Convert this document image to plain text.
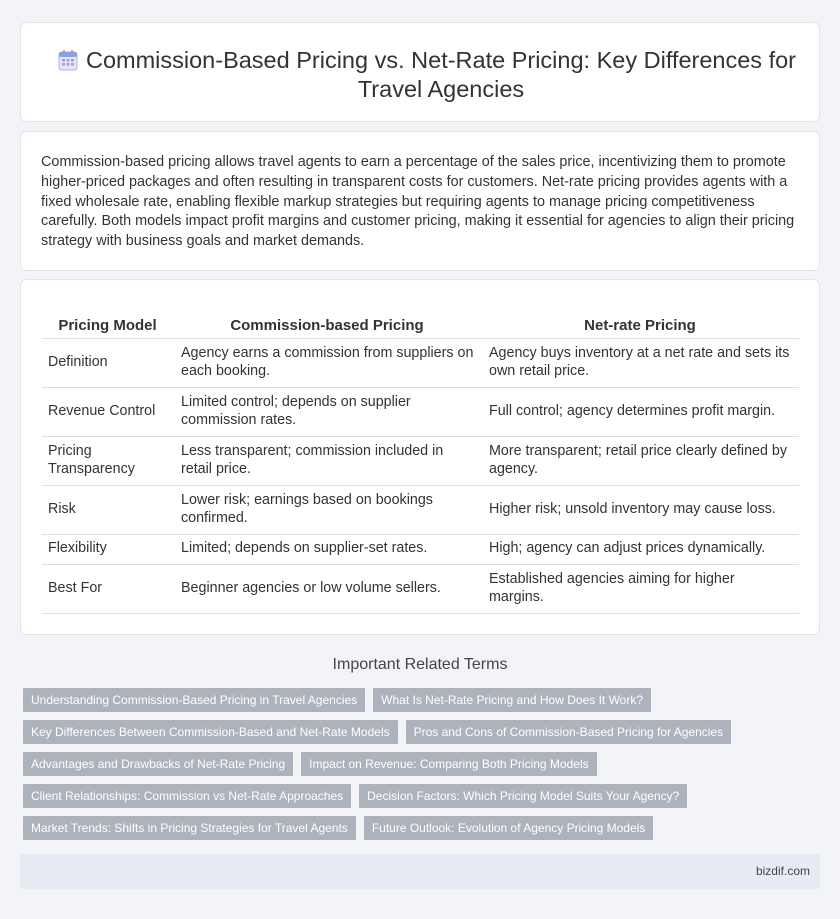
Commission-Based Pricing vs. Net-Rate Pricing: Key Differences for Travel Agencies

Commission-based pricing allows travel agents to earn a percentage of the sales price, incentivizing them to promote higher-priced packages and often resulting in transparent costs for customers. Net-rate pricing provides agents with a fixed wholesale rate, enabling flexible markup strategies but requiring agents to manage pricing competitiveness carefully. Both models impact profit margins and customer pricing, making it essential for agencies to align their pricing strategy with business goals and market demands.

Pricing Model	Commission-based Pricing	Net-rate Pricing
Definition	Agency earns a commission from suppliers on each booking.	Agency buys inventory at a net rate and sets its own retail price.
Revenue Control	Limited control; depends on supplier commission rates.	Full control; agency determines profit margin.
Pricing Transparency	Less transparent; commission included in retail price.	More transparent; retail price clearly defined by agency.
Risk	Lower risk; earnings based on bookings confirmed.	Higher risk; unsold inventory may cause loss.
Flexibility	Limited; depends on supplier-set rates.	High; agency can adjust prices dynamically.
Best For	Beginner agencies or low volume sellers.	Established agencies aiming for higher margins.
Important Related Terms
Understanding Commission-Based Pricing in Travel Agencies	What Is Net-Rate Pricing and How Does It Work?
Key Differences Between Commission-Based and Net-Rate Models	Pros and Cons of Commission-Based Pricing for Agencies
Advantages and Drawbacks of Net-Rate Pricing	Impact on Revenue: Comparing Both Pricing Models
Client Relationships: Commission vs Net-Rate Approaches	Decision Factors: Which Pricing Model Suits Your Agency?
Market Trends: Shifts in Pricing Strategies for Travel Agents	Future Outlook: Evolution of Agency Pricing Models
bizdif.com
